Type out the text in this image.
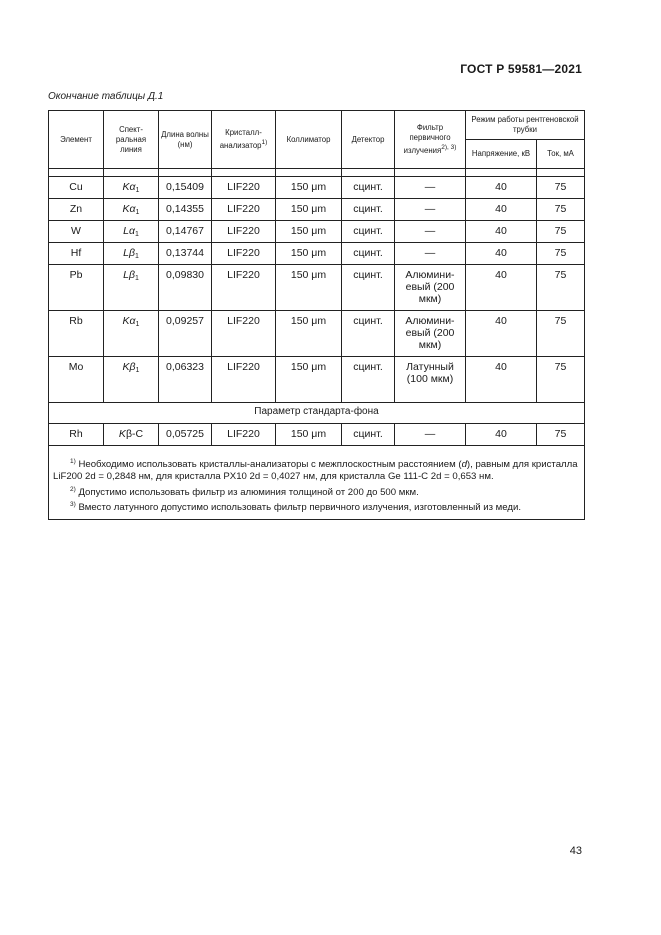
ГОСТ Р 59581—2021
Окончание таблицы Д.1
Элемент	Спект-ральная линия	Длина волны (нм)	Кристалл-анализатор$^{1)}$	Коллиматор	Детектор	Фильтр первичного излучения$^{2), 3)}$	Режим работы рентгеновской трубки	
							Напряжение, кВ	Ток, мА

Cu	$K\alpha_1$	0,15409	LIF220	150 μm	сцинт.	—	40	75
Zn	$K\alpha_1$	0,14355	LIF220	150 μm	сцинт.	—	40	75
W	$L\alpha_1$	0,14767	LIF220	150 μm	сцинт.	—	40	75
Hf	$L\beta_1$	0,13744	LIF220	150 μm	сцинт.	—	40	75
Pb	$L\beta_1$	0,09830	LIF220	150 μm	сцинт.	Алюмини-евый (200 мкм)	40	75
Rb	$K\alpha_1$	0,09257	LIF220	150 μm	сцинт.	Алюмини-евый (200 мкм)	40	75
Mo	$K\beta_1$	0,06323	LIF220	150 μm	сцинт.	Латунный (100 мкм)	40	75
Параметр стандарта-фона								
Rh	Kβ-C	0,05725	LIF220	150 μm	сцинт.	—	40	75

$^{1)}$ Необходимо использовать кристаллы-анализаторы с межплоскостным расстоянием (d), равным для кристалла LiF200 2d = 0,2848 нм, для кристалла PX10 2d = 0,4027 нм, для кристалла Ge 111-C 2d = 0,653 нм.

$^{2)}$ Допустимо использовать фильтр из алюминия толщиной от 200 до 500 мкм.

$^{3)}$ Вместо латунного допустимо использовать фильтр первичного излучения, изготовленный из меди.								

43
